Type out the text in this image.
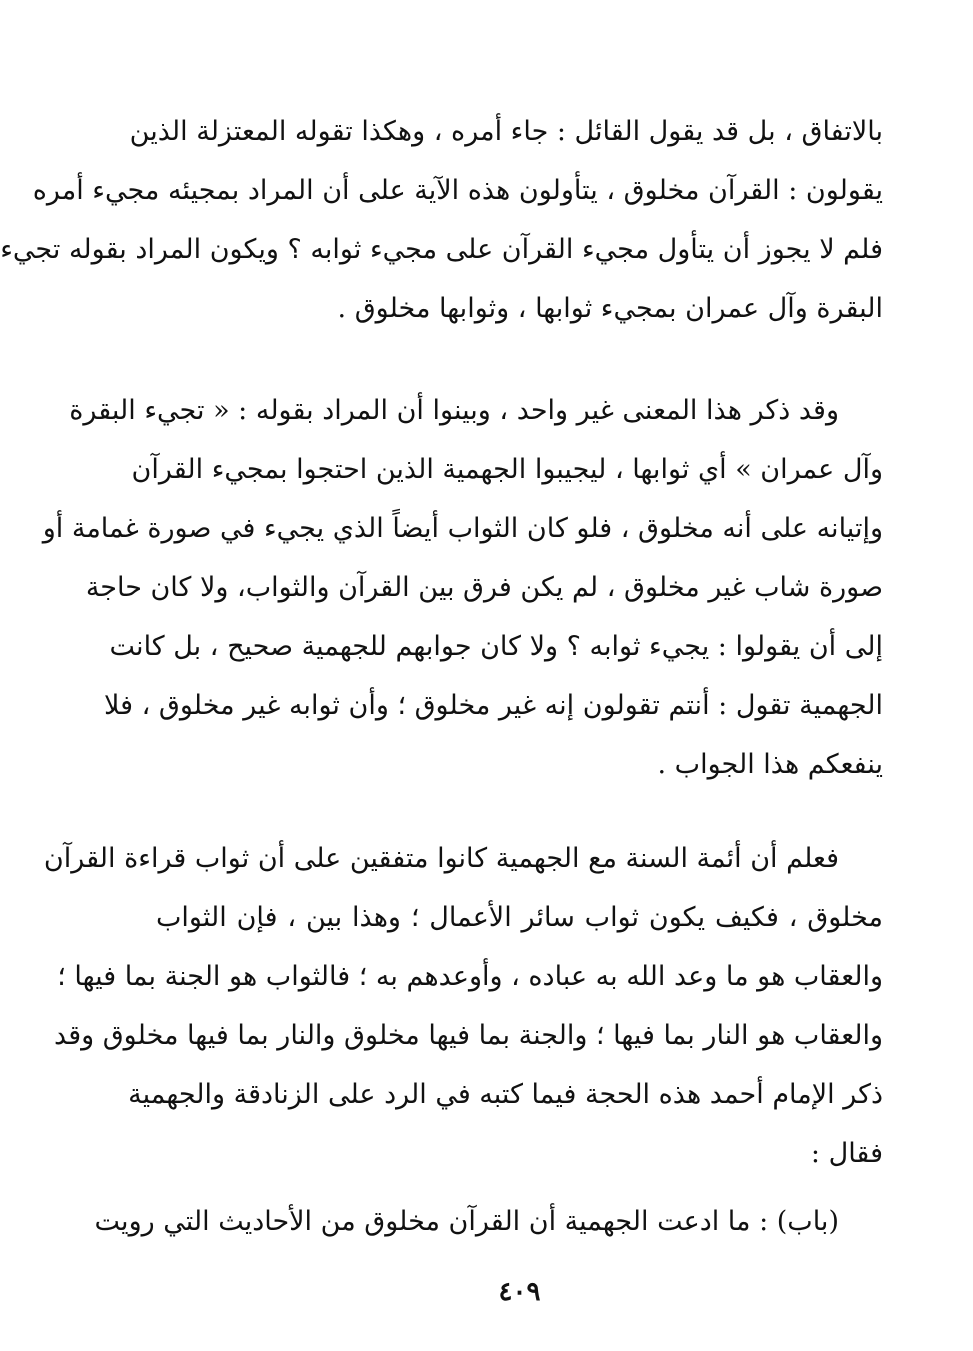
بالاتفاق ، بل قد يقول القائل : جاء أمره ، وهكذا تقوله المعتزلة الذين
يقولون : القرآن مخلوق ، يتأولون هذه الآية على أن المراد بمجيئه مجيء أمره
فلم لا يجوز أن يتأول مجيء القرآن على مجيء ثوابه ؟ ويكون المراد بقوله تجيء
البقرة وآل عمران بمجيء ثوابها ، وثوابها مخلوق .
وقد ذكر هذا المعنى غير واحد ، وبينوا أن المراد بقوله : « تجيء البقرة
وآل عمران » أي ثوابها ، ليجيبوا الجهمية الذين احتجوا بمجيء القرآن
وإتيانه على أنه مخلوق ، فلو كان الثواب أيضاً الذي يجيء في صورة غمامة أو
صورة شاب غير مخلوق ، لم يكن فرق بين القرآن والثواب، ولا كان حاجة
إلى أن يقولوا : يجيء ثوابه ؟ ولا كان جوابهم للجهمية صحيح ، بل كانت
الجهمية تقول : أنتم تقولون إنه غير مخلوق ؛ وأن ثوابه غير مخلوق ، فلا
ينفعكم هذا الجواب .
فعلم أن أئمة السنة مع الجهمية كانوا متفقين على أن ثواب قراءة القرآن
مخلوق ، فكيف يكون ثواب سائر الأعمال ؛ وهذا بين ، فإن الثواب
والعقاب هو ما وعد الله به عباده ، وأوعدهم به ؛ فالثواب هو الجنة بما فيها ؛
والعقاب هو النار بما فيها ؛ والجنة بما فيها مخلوق والنار بما فيها مخلوق وقد
ذكر الإمام أحمد هذه الحجة فيما كتبه في الرد على الزنادقة والجهمية
فقال :
(باب) : ما ادعت الجهمية أن القرآن مخلوق من الأحاديث التي رويت
٤٠٩
